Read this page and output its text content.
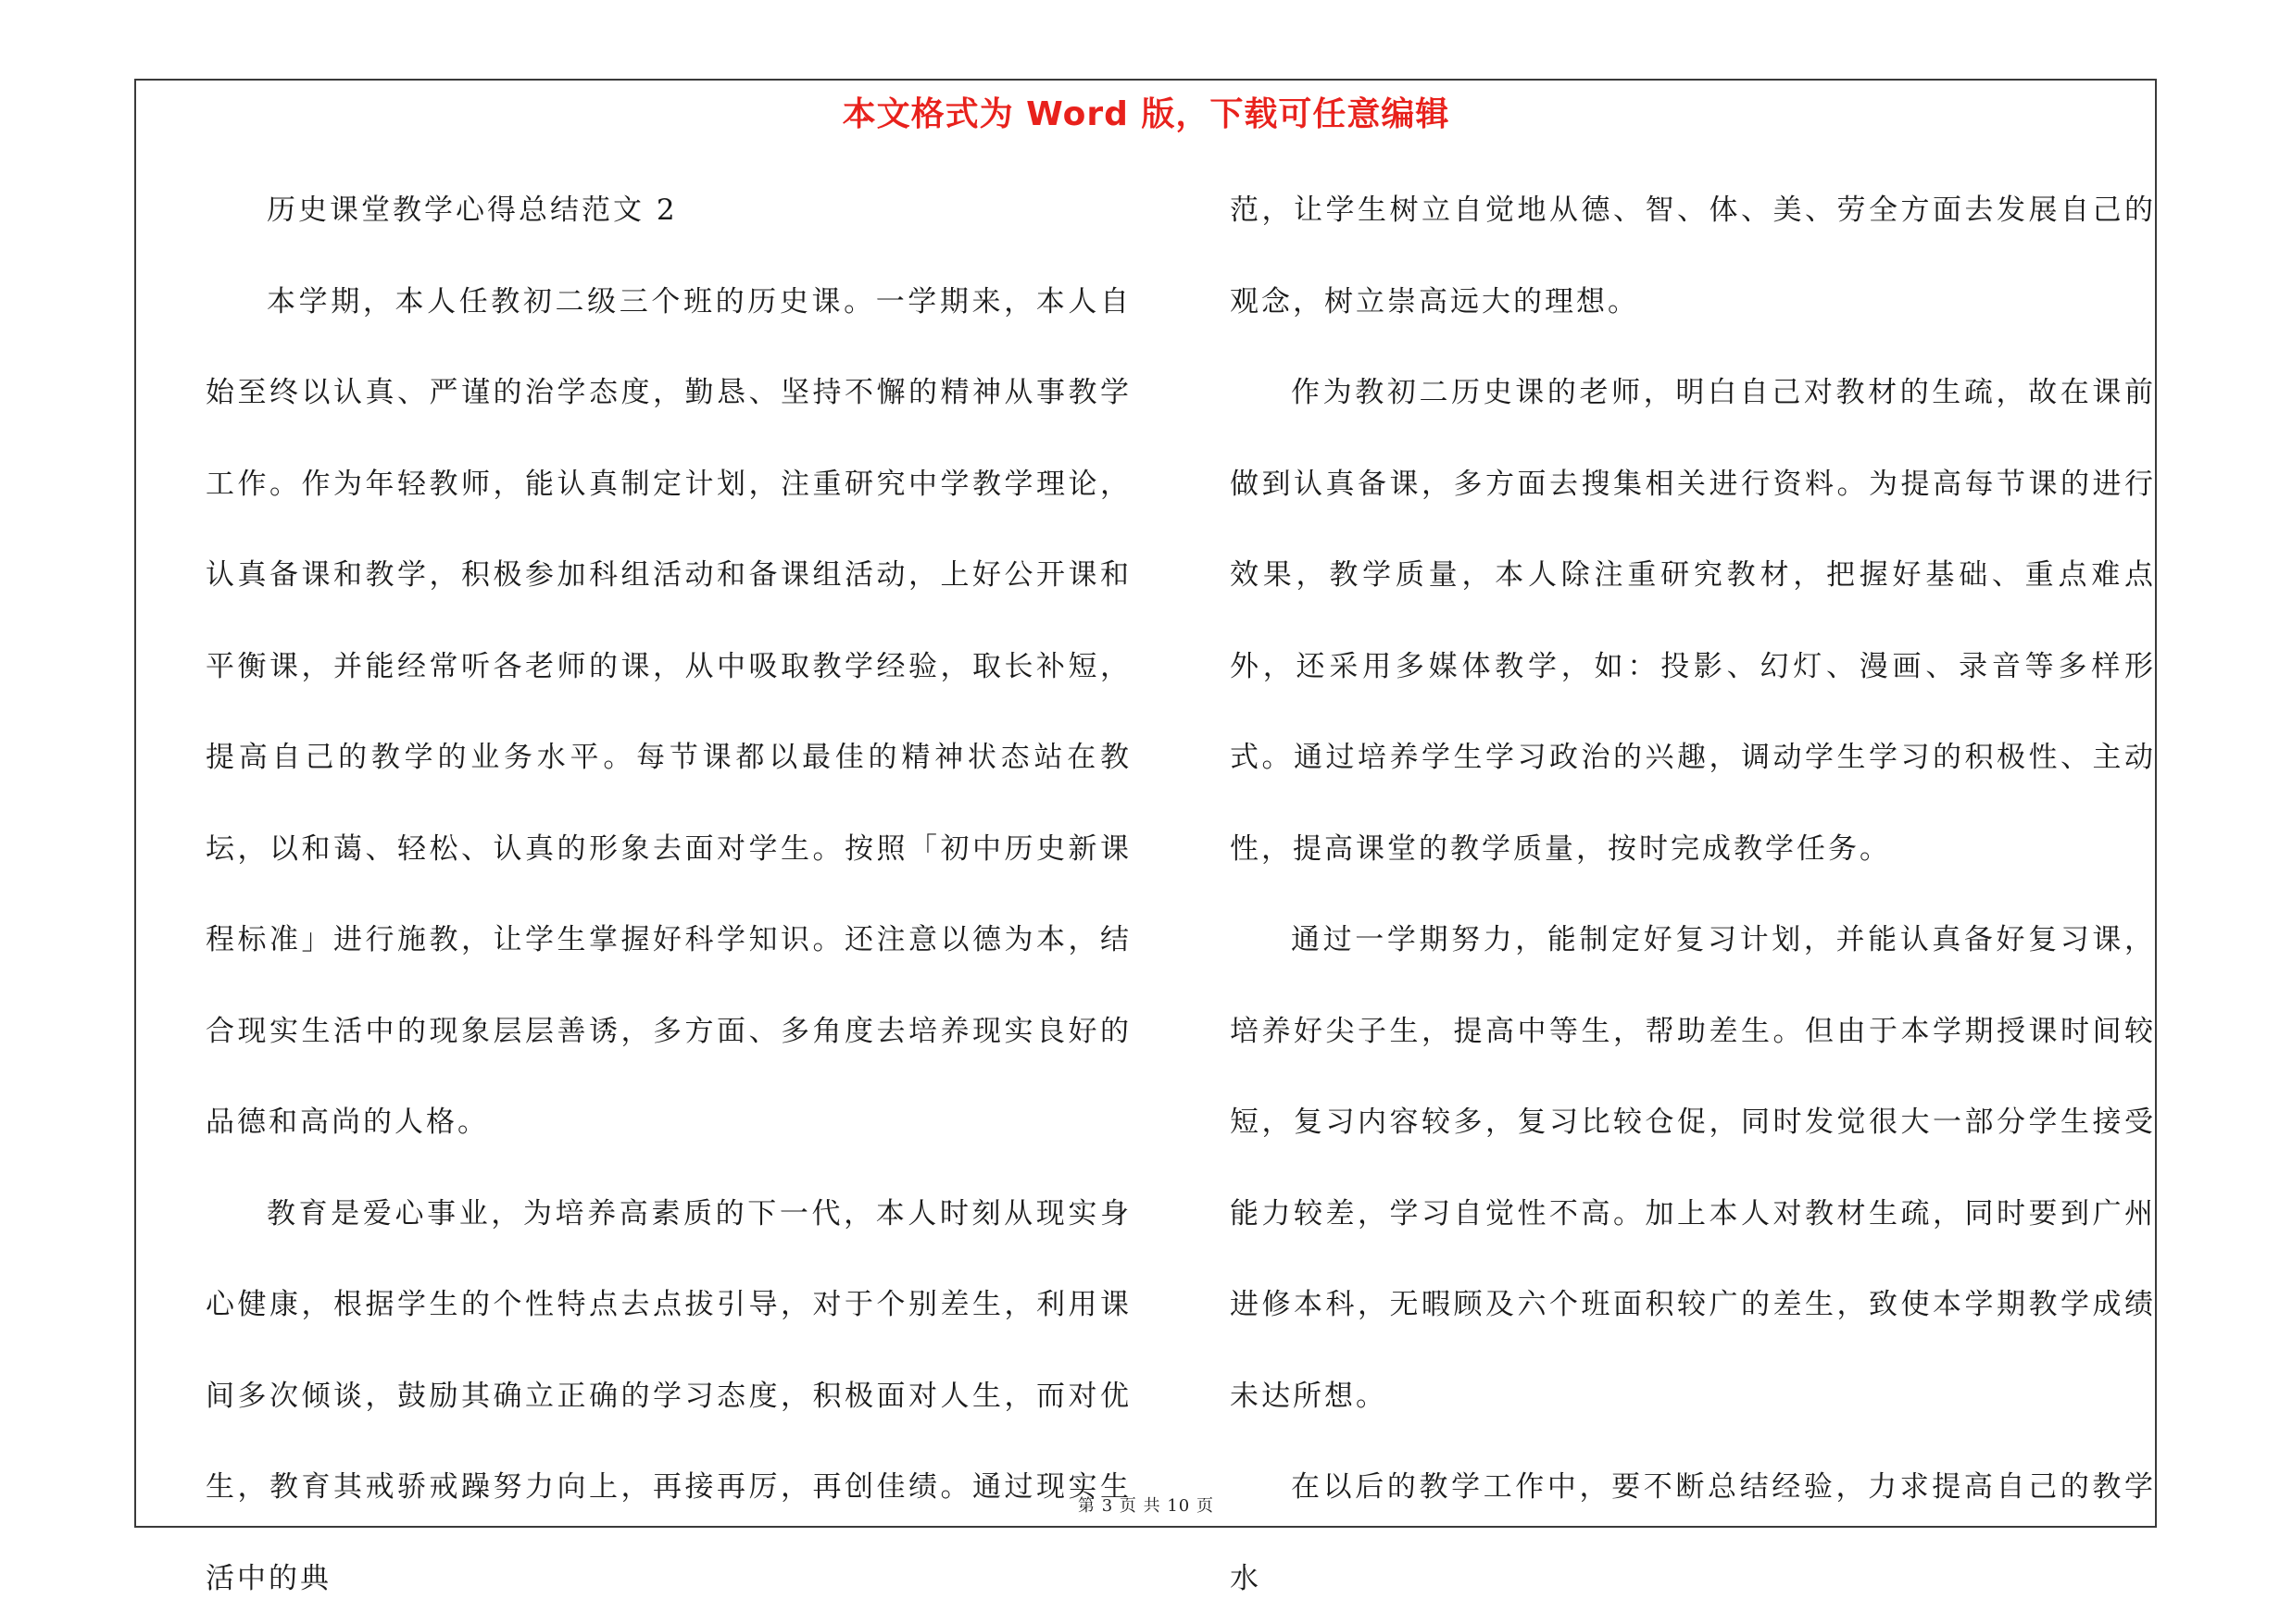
本文格式为 Word 版，下载可任意编辑

历史课堂教学心得总结范文 2

本学期，本人任教初二级三个班的历史课。一学期来，本人自始至终以认真、严谨的治学态度，勤恳、坚持不懈的精神从事教学工作。作为年轻教师，能认真制定计划，注重研究中学教学理论，认真备课和教学，积极参加科组活动和备课组活动，上好公开课和平衡课，并能经常听各老师的课，从中吸取教学经验，取长补短，提高自己的教学的业务水平。每节课都以最佳的精神状态站在教坛，以和蔼、轻松、认真的形象去面对学生。按照「初中历史新课程标准」进行施教，让学生掌握好科学知识。还注意以德为本，结合现实生活中的现象层层善诱，多方面、多角度去培养现实良好的品德和高尚的人格。

教育是爱心事业，为培养高素质的下一代，本人时刻从现实身心健康，根据学生的个性特点去点拔引导，对于个别差生，利用课间多次倾谈，鼓励其确立正确的学习态度，积极面对人生，而对优生，教育其戒骄戒躁努力向上，再接再厉，再创佳绩。通过现实生活中的典

范，让学生树立自觉地从德、智、体、美、劳全方面去发展自己的观念，树立崇高远大的理想。

作为教初二历史课的老师，明白自己对教材的生疏，故在课前做到认真备课，多方面去搜集相关进行资料。为提高每节课的进行效果，教学质量，本人除注重研究教材，把握好基础、重点难点外，还采用多媒体教学，如：投影、幻灯、漫画、录音等多样形式。通过培养学生学习政治的兴趣，调动学生学习的积极性、主动性，提高课堂的教学质量，按时完成教学任务。

通过一学期努力，能制定好复习计划，并能认真备好复习课，培养好尖子生，提高中等生，帮助差生。但由于本学期授课时间较短，复习内容较多，复习比较仓促，同时发觉很大一部分学生接受能力较差，学习自觉性不高。加上本人对教材生疏，同时要到广州进修本科，无暇顾及六个班面积较广的差生，致使本学期教学成绩未达所想。

在以后的教学工作中，要不断总结经验，力求提高自己的教学水

第 3 页 共 10 页
